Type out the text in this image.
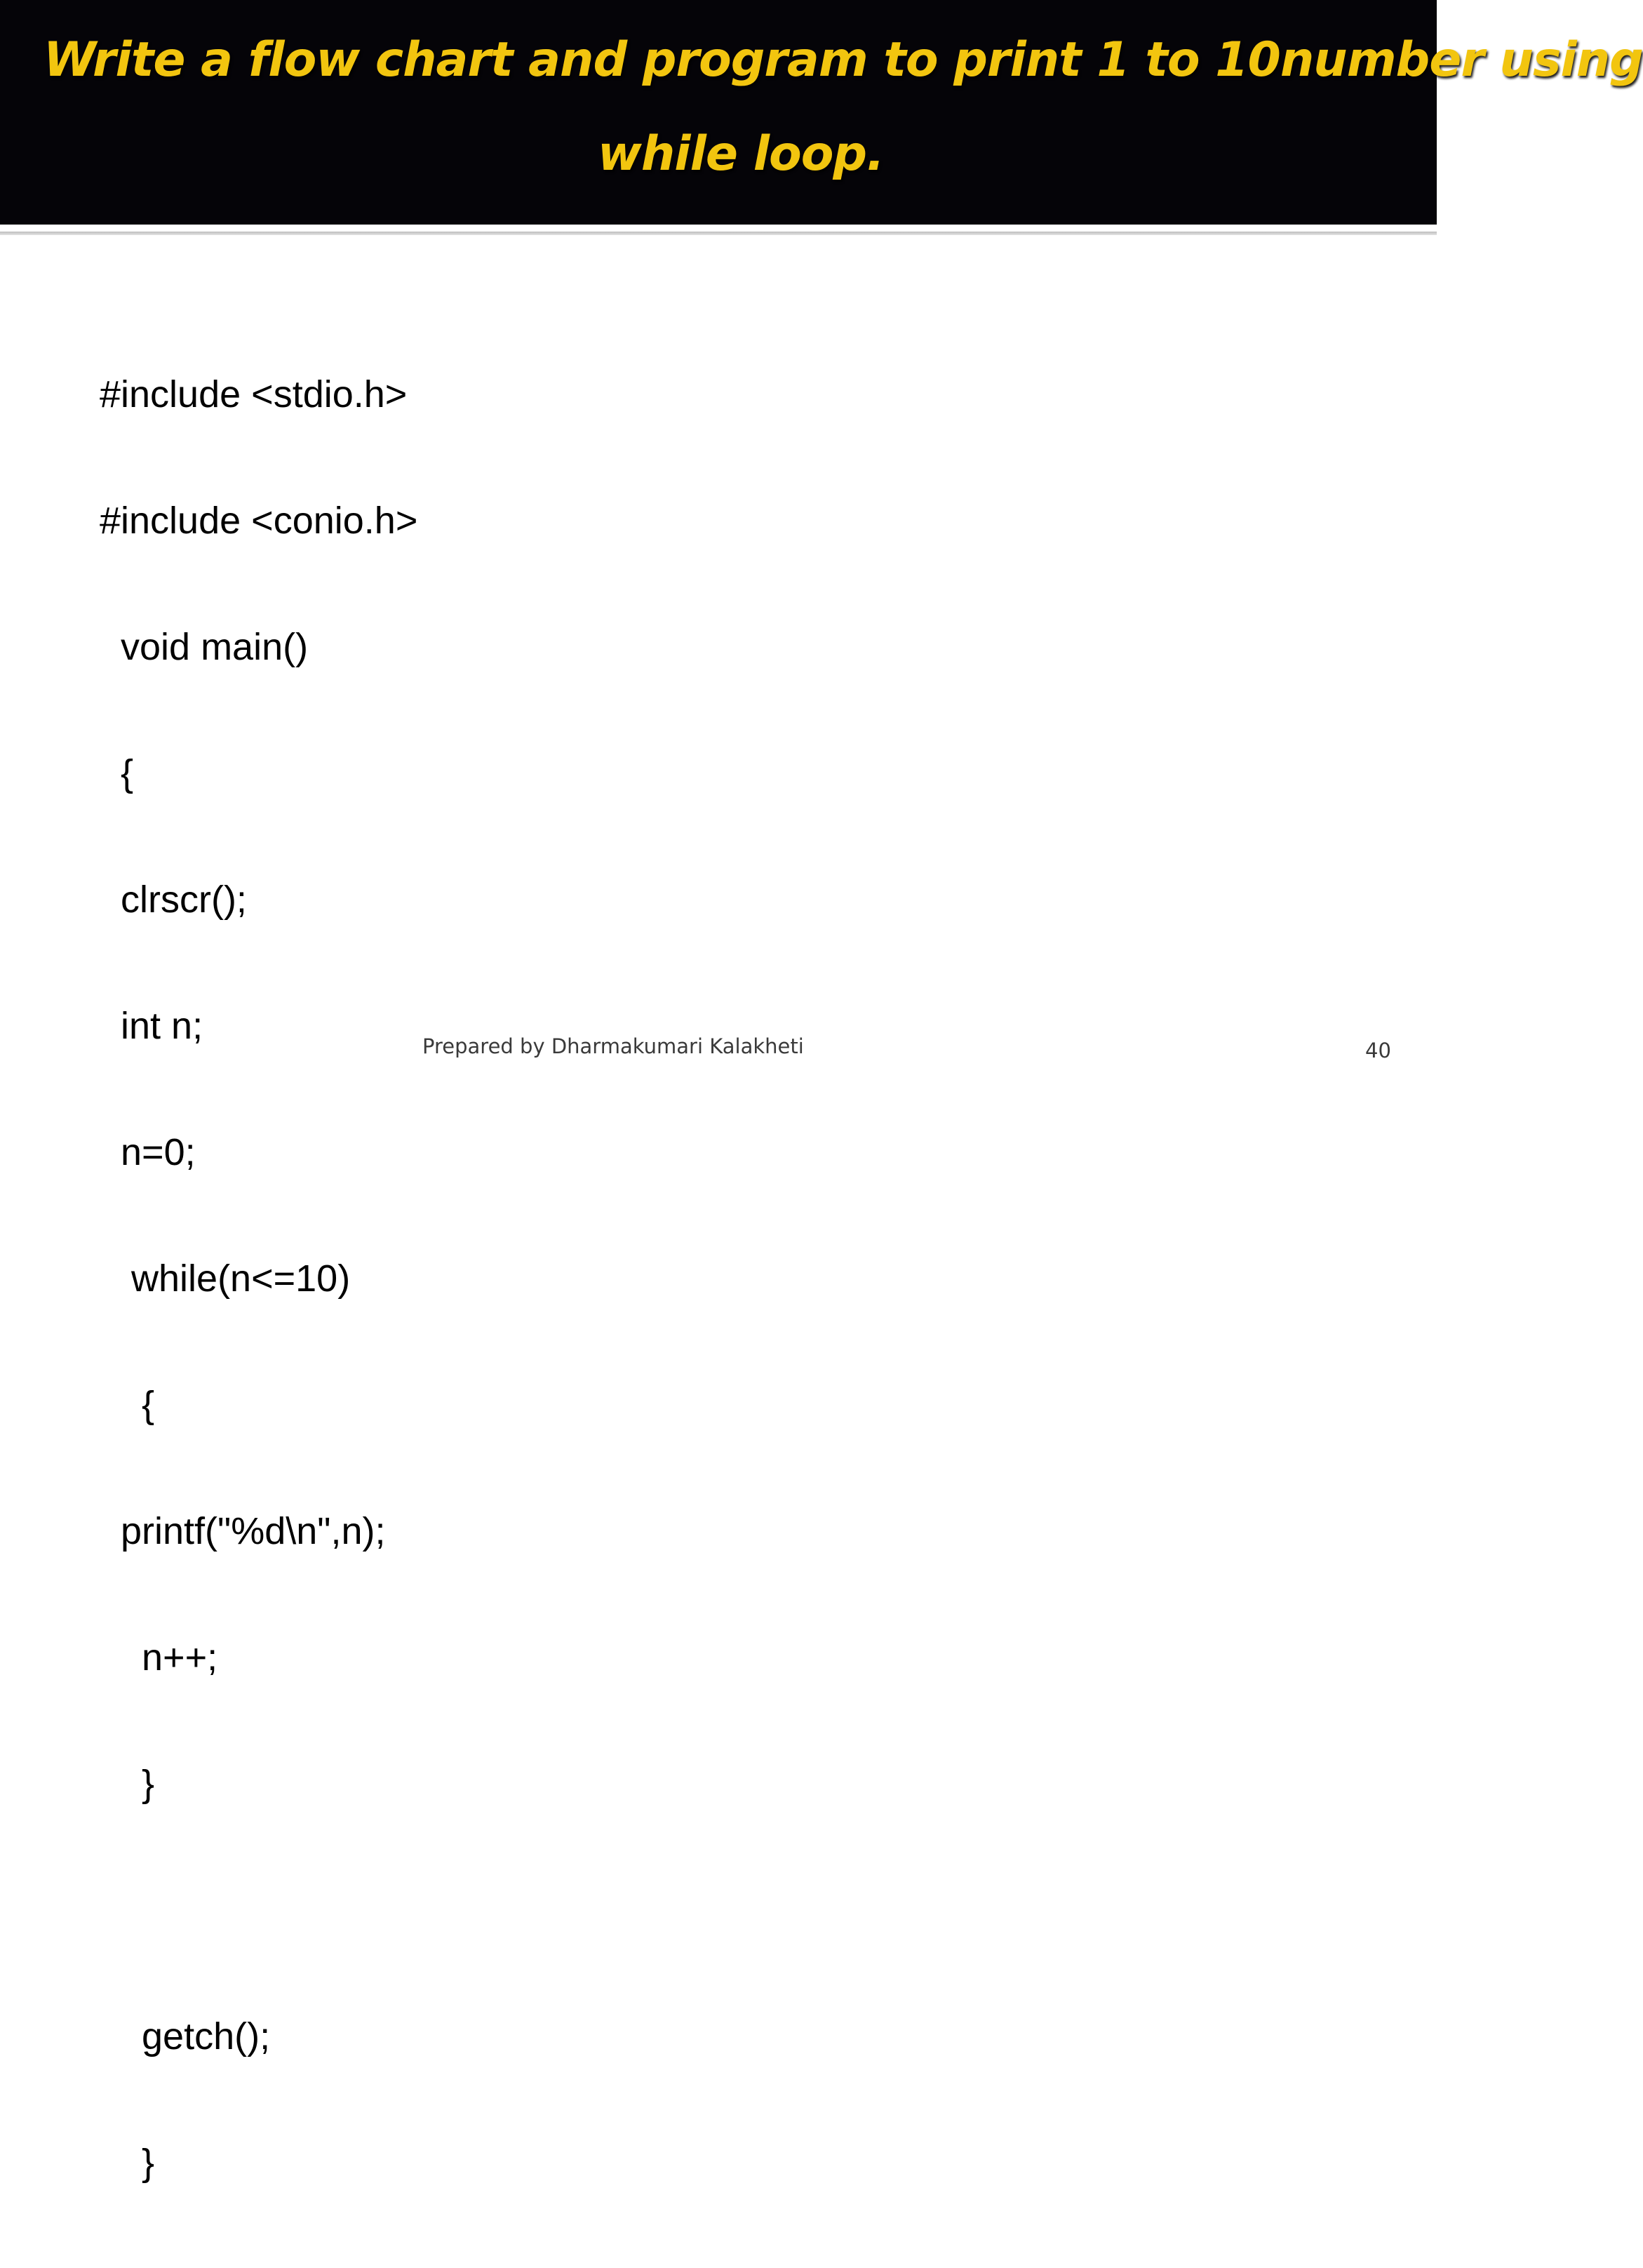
Write a flow chart and program to print 1 to 10number using
while loop.

#include <stdio.h>

#include <conio.h>

void main()

{

clrscr();

int n;

n=0;

while(n<=10)

{

printf("%d\n",n);

n++;

}

getch();

}

Prepared by Dharmakumari Kalakheti	40
